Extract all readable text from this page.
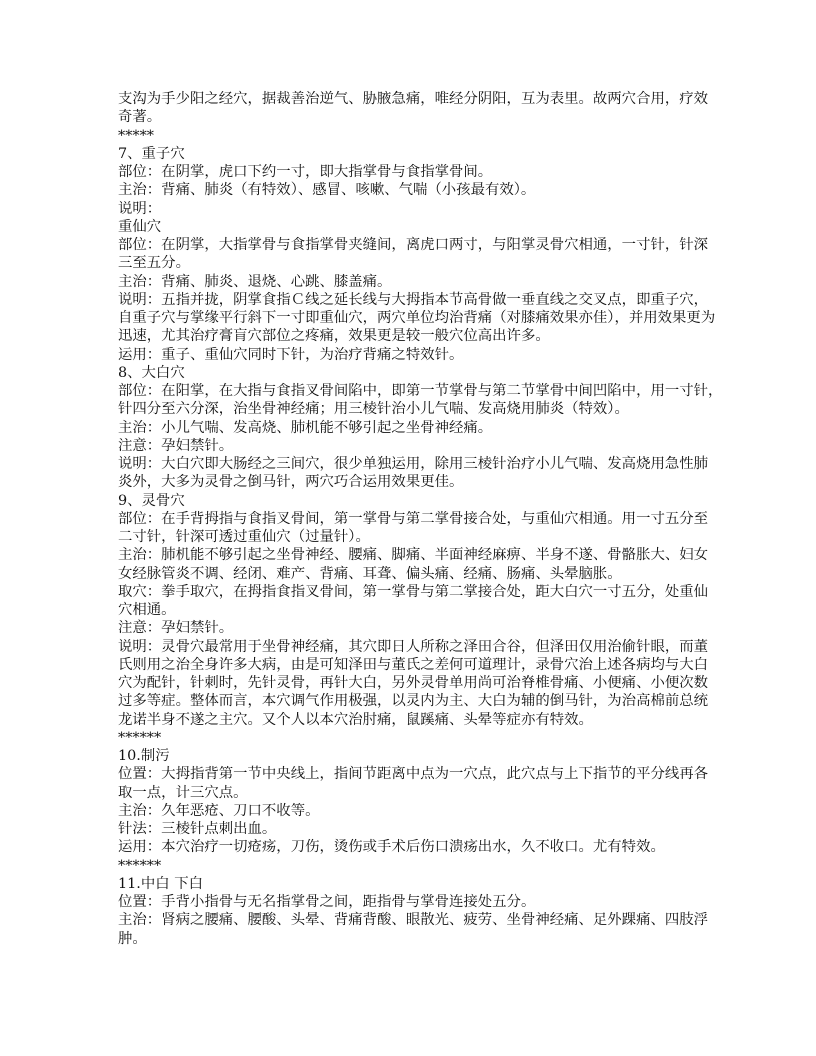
支沟为手少阳之经穴，据裁善治逆气、胁腋急痛，唯经分阴阳，互为表里。故两穴合用，疗效
奇著。
*****
7、重子穴
部位：在阴掌，虎口下约一寸，即大指掌骨与食指掌骨间。
主治：背痛、肺炎（有特效）、感冒、咳嗽、气喘（小孩最有效）。
说明：
重仙穴
部位：在阴掌，大指掌骨与食指掌骨夹缝间，离虎口两寸，与阳掌灵骨穴相通，一寸针，针深
三至五分。
主治：背痛、肺炎、退烧、心跳、膝盖痛。
说明：五指并拢，阴掌食指Ｃ线之延长线与大拇指本节高骨做一垂直线之交叉点，即重子穴，
自重子穴与掌缘平行斜下一寸即重仙穴，两穴单位均治背痛（对膝痛效果亦佳），并用效果更为
迅速，尤其治疗膏肓穴部位之疼痛，效果更是较一般穴位高出许多。
运用：重子、重仙穴同时下针，为治疗背痛之特效针。
8、大白穴
部位：在阳掌，在大指与食指叉骨间陷中，即第一节掌骨与第二节掌骨中间凹陷中，用一寸针，
针四分至六分深，治坐骨神经痛；用三棱针治小儿气喘、发高烧用肺炎（特效）。
主治：小儿气喘、发高烧、肺机能不够引起之坐骨神经痛。
注意：孕妇禁针。
说明：大白穴即大肠经之三间穴，很少单独运用，除用三棱针治疗小儿气喘、发高烧用急性肺
炎外，大多为灵骨之倒马针，两穴巧合运用效果更佳。
9、灵骨穴
部位：在手背拇指与食指叉骨间，第一掌骨与第二掌骨接合处，与重仙穴相通。用一寸五分至
二寸针，针深可透过重仙穴（过量针）。
主治：肺机能不够引起之坐骨神经、腰痛、脚痛、半面神经麻痹、半身不遂、骨骼胀大、妇女
女经脉管炎不调、经闭、难产、背痛、耳聋、偏头痛、经痛、肠痛、头晕脑胀。
取穴：拳手取穴，在拇指食指叉骨间，第一掌骨与第二掌接合处，距大白穴一寸五分，处重仙
穴相通。
注意：孕妇禁针。
说明：灵骨穴最常用于坐骨神经痛，其穴即日人所称之泽田合谷，但泽田仅用治偷针眼，而董
氏则用之治全身许多大病，由是可知泽田与董氏之差何可道理计，录骨穴治上述各病均与大白
穴为配针，针刺时，先针灵骨，再针大白，另外灵骨单用尚可治脊椎骨痛、小便痛、小便次数
过多等症。整体而言，本穴调气作用极强，以灵内为主、大白为辅的倒马针，为治高棉前总统
龙诺半身不遂之主穴。又个人以本穴治肘痛，鼠蹊痛、头晕等症亦有特效。
******
10.制污
位置：大拇指背第一节中央线上，指间节距离中点为一穴点，此穴点与上下指节的平分线再各
取一点，计三穴点。
主治：久年恶疮、刀口不收等。
针法：三棱针点刺出血。
运用：本穴治疗一切疮疡，刀伤，烫伤或手术后伤口溃疡出水，久不收口。尤有特效。
******
11.中白 下白
位置：手背小指骨与无名指掌骨之间，距指骨与掌骨连接处五分。
主治：肾病之腰痛、腰酸、头晕、背痛背酸、眼散光、疲劳、坐骨神经痛、足外踝痛、四肢浮
肿。
